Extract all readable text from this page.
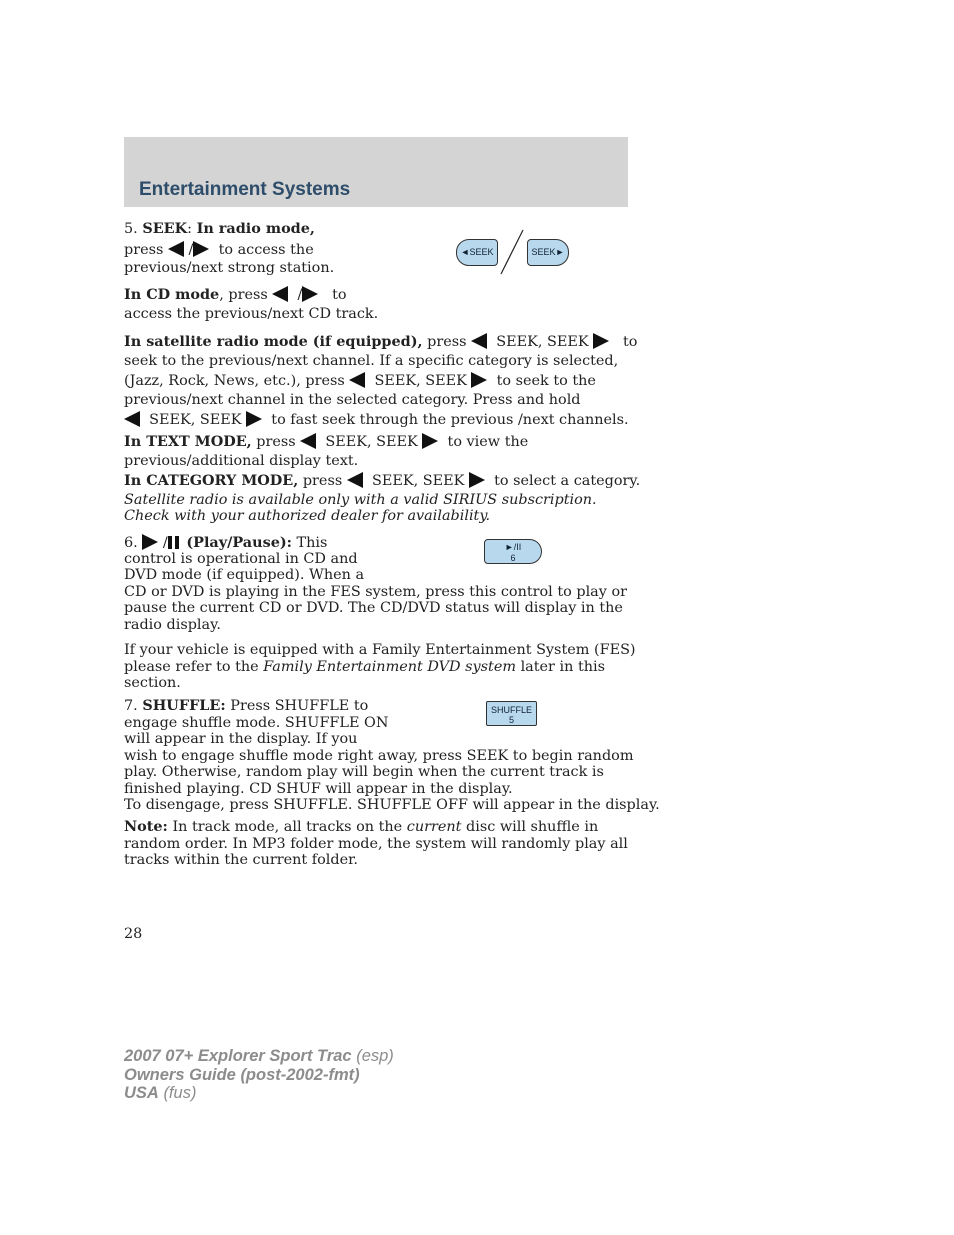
Entertainment Systems
5. SEEK: In radio mode,
press / to access the
previous/next strong station.
◄SEEK	SEEK►
In CD mode, press / to
access the previous/next CD track.
In satellite radio mode (if equipped), press SEEK, SEEK to
seek to the previous/next channel. If a specific category is selected,
(Jazz, Rock, News, etc.), press SEEK, SEEK to seek to the
previous/next channel in the selected category. Press and hold
SEEK, SEEK to fast seek through the previous /next channels.
In TEXT MODE, press SEEK, SEEK to view the
previous/additional display text.
In CATEGORY MODE, press SEEK, SEEK to select a category.
Satellite radio is available only with a valid SIRIUS subscription.
Check with your authorized dealer for availability.
6. / (Play/Pause): This
control is operational in CD and
DVD mode (if equipped). When a
CD or DVD is playing in the FES system, press this control to play or
pause the current CD or DVD. The CD/DVD status will display in the
radio display.
►/II
6
If your vehicle is equipped with a Family Entertainment System (FES)
please refer to the Family Entertainment DVD system later in this
section.
7. SHUFFLE: Press SHUFFLE to
engage shuffle mode. SHUFFLE ON
will appear in the display. If you
wish to engage shuffle mode right away, press SEEK to begin random
play. Otherwise, random play will begin when the current track is
finished playing. CD SHUF will appear in the display.
To disengage, press SHUFFLE. SHUFFLE OFF will appear in the display.
SHUFFLE
5
Note: In track mode, all tracks on the current disc will shuffle in
random order. In MP3 folder mode, the system will randomly play all
tracks within the current folder.
28
2007 07+ Explorer Sport Trac (esp)
Owners Guide (post-2002-fmt)
USA (fus)
